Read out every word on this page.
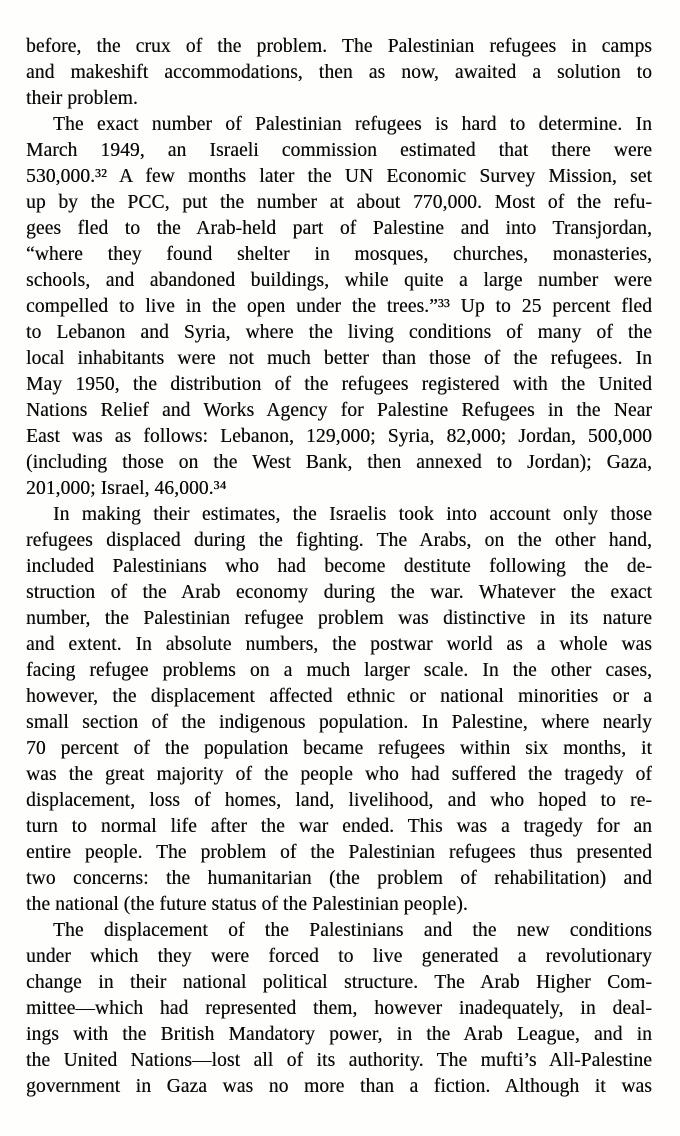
before, the crux of the problem. The Palestinian refugees in camps
and makeshift accommodations, then as now, awaited a solution to
their problem.
The exact number of Palestinian refugees is hard to determine. In
March 1949, an Israeli commission estimated that there were
530,000.³² A few months later the UN Economic Survey Mission, set
up by the PCC, put the number at about 770,000. Most of the refu-
gees fled to the Arab-held part of Palestine and into Transjordan,
“where they found shelter in mosques, churches, monasteries,
schools, and abandoned buildings, while quite a large number were
compelled to live in the open under the trees.”³³ Up to 25 percent fled
to Lebanon and Syria, where the living conditions of many of the
local inhabitants were not much better than those of the refugees. In
May 1950, the distribution of the refugees registered with the United
Nations Relief and Works Agency for Palestine Refugees in the Near
East was as follows: Lebanon, 129,000; Syria, 82,000; Jordan, 500,000
(including those on the West Bank, then annexed to Jordan); Gaza,
201,000; Israel, 46,000.³⁴
In making their estimates, the Israelis took into account only those
refugees displaced during the fighting. The Arabs, on the other hand,
included Palestinians who had become destitute following the de-
struction of the Arab economy during the war. Whatever the exact
number, the Palestinian refugee problem was distinctive in its nature
and extent. In absolute numbers, the postwar world as a whole was
facing refugee problems on a much larger scale. In the other cases,
however, the displacement affected ethnic or national minorities or a
small section of the indigenous population. In Palestine, where nearly
70 percent of the population became refugees within six months, it
was the great majority of the people who had suffered the tragedy of
displacement, loss of homes, land, livelihood, and who hoped to re-
turn to normal life after the war ended. This was a tragedy for an
entire people. The problem of the Palestinian refugees thus presented
two concerns: the humanitarian (the problem of rehabilitation) and
the national (the future status of the Palestinian people).
The displacement of the Palestinians and the new conditions
under which they were forced to live generated a revolutionary
change in their national political structure. The Arab Higher Com-
mittee—which had represented them, however inadequately, in deal-
ings with the British Mandatory power, in the Arab League, and in
the United Nations—lost all of its authority. The mufti’s All-Palestine
government in Gaza was no more than a fiction. Although it was
